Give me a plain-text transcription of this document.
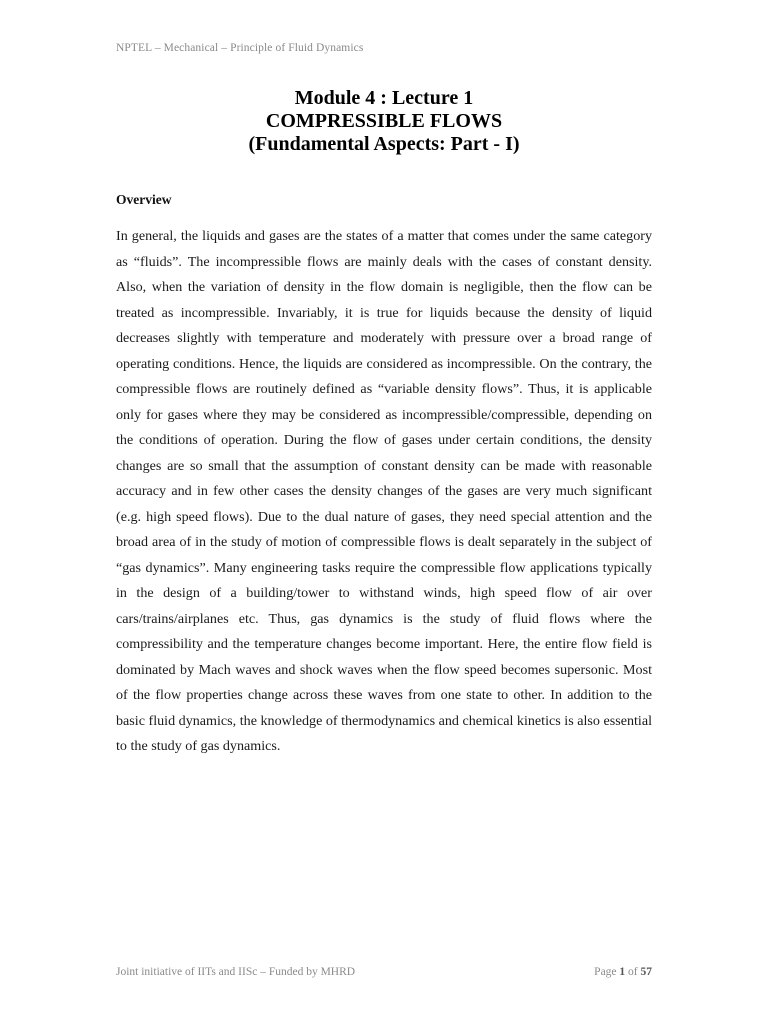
NPTEL – Mechanical – Principle of Fluid Dynamics
Module 4 : Lecture 1
COMPRESSIBLE FLOWS
(Fundamental Aspects: Part - I)
Overview

In general, the liquids and gases are the states of a matter that comes under the same category as “fluids”. The incompressible flows are mainly deals with the cases of constant density. Also, when the variation of density in the flow domain is negligible, then the flow can be treated as incompressible. Invariably, it is true for liquids because the density of liquid decreases slightly with temperature and moderately with pressure over a broad range of operating conditions. Hence, the liquids are considered as incompressible. On the contrary, the compressible flows are routinely defined as “variable density flows”. Thus, it is applicable only for gases where they may be considered as incompressible/compressible, depending on the conditions of operation. During the flow of gases under certain conditions, the density changes are so small that the assumption of constant density can be made with reasonable accuracy and in few other cases the density changes of the gases are very much significant (e.g. high speed flows). Due to the dual nature of gases, they need special attention and the broad area of in the study of motion of compressible flows is dealt separately in the subject of “gas dynamics”. Many engineering tasks require the compressible flow applications typically in the design of a building/tower to withstand winds, high speed flow of air over cars/trains/airplanes etc. Thus, gas dynamics is the study of fluid flows where the compressibility and the temperature changes become important. Here, the entire flow field is dominated by Mach waves and shock waves when the flow speed becomes supersonic. Most of the flow properties change across these waves from one state to other. In addition to the basic fluid dynamics, the knowledge of thermodynamics and chemical kinetics is also essential to the study of gas dynamics.

Joint initiative of IITs and IISc – Funded by MHRD	Page 1 of 57
